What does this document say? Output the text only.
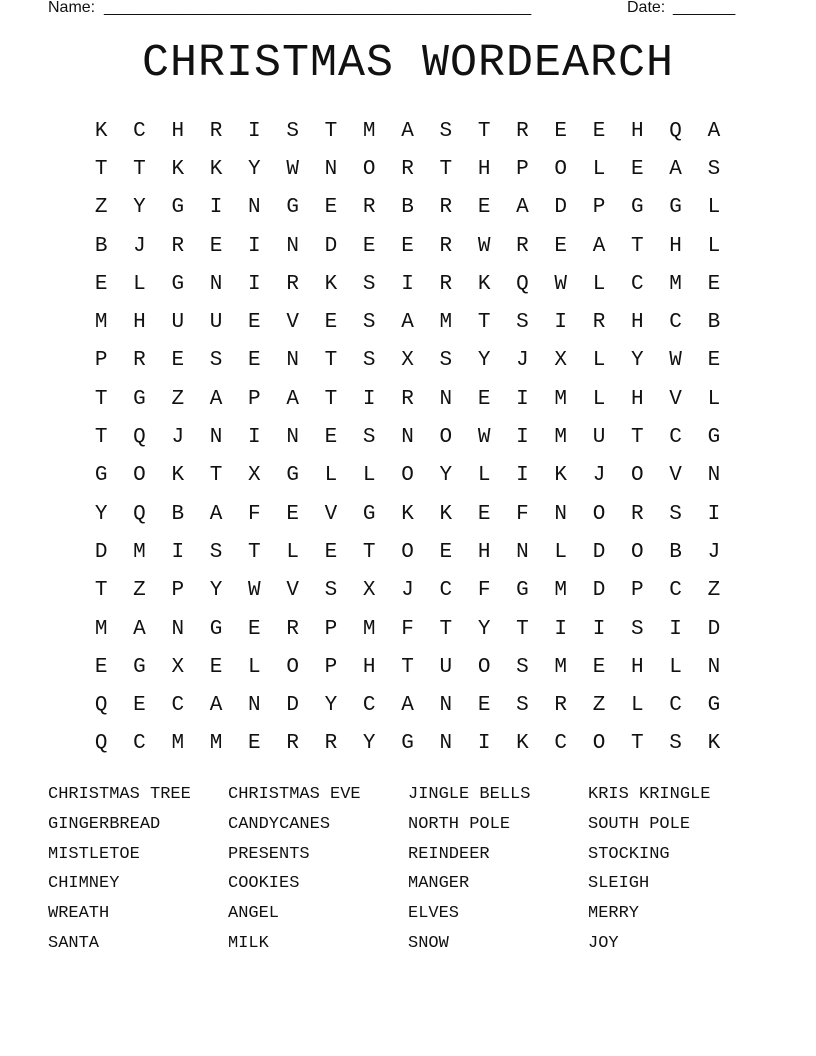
Name: ________________________________________________	Date: _______
CHRISTMAS WORDEARCH
K	C	H	R	I	S	T	M	A	S	T	R	E	E	H	Q	A
T	T	K	K	Y	W	N	O	R	T	H	P	O	L	E	A	S
Z	Y	G	I	N	G	E	R	B	R	E	A	D	P	G	G	L
B	J	R	E	I	N	D	E	E	R	W	R	E	A	T	H	L
E	L	G	N	I	R	K	S	I	R	K	Q	W	L	C	M	E
M	H	U	U	E	V	E	S	A	M	T	S	I	R	H	C	B
P	R	E	S	E	N	T	S	X	S	Y	J	X	L	Y	W	E
T	G	Z	A	P	A	T	I	R	N	E	I	M	L	H	V	L
T	Q	J	N	I	N	E	S	N	O	W	I	M	U	T	C	G
G	O	K	T	X	G	L	L	O	Y	L	I	K	J	O	V	N
Y	Q	B	A	F	E	V	G	K	K	E	F	N	O	R	S	I
D	M	I	S	T	L	E	T	O	E	H	N	L	D	O	B	J
T	Z	P	Y	W	V	S	X	J	C	F	G	M	D	P	C	Z
M	A	N	G	E	R	P	M	F	T	Y	T	I	I	S	I	D
E	G	X	E	L	O	P	H	T	U	O	S	M	E	H	L	N
Q	E	C	A	N	D	Y	C	A	N	E	S	R	Z	L	C	G
Q	C	M	M	E	R	R	Y	G	N	I	K	C	O	T	S	K
CHRISTMAS TREE	CHRISTMAS EVE	JINGLE BELLS	KRIS KRINGLE
GINGERBREAD	CANDYCANES	NORTH POLE	SOUTH POLE
MISTLETOE	PRESENTS	REINDEER	STOCKING
CHIMNEY	COOKIES	MANGER	SLEIGH
WREATH	ANGEL	ELVES	MERRY
SANTA	MILK	SNOW	JOY
